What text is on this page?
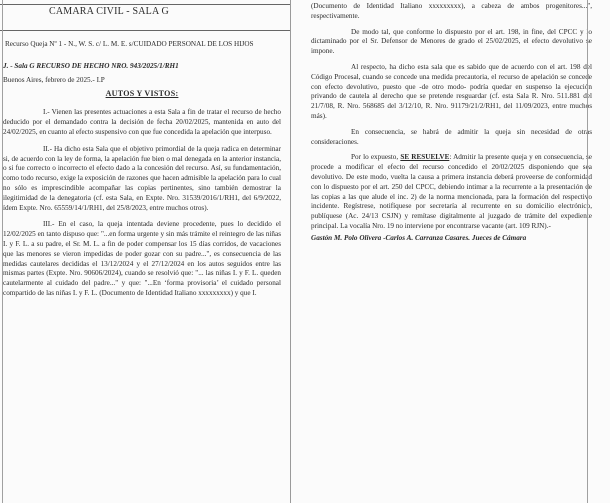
CAMARA CIVIL - SALA G

Recurso Queja Nº 1 - N., W. S. c/ L. M. E. s/CUIDADO PERSONAL DE LOS HIJOS

J. - Sala G RECURSO DE HECHO NRO. 943/2025/1/RH1

Buenos Aires, febrero de 2025.- I.P

AUTOS Y VISTOS:

I.- Vienen las presentes actuaciones a esta Sala a fin de tratar el recurso de hecho deducido por el demandado contra la decisión de fecha 20/02/2025, mantenida en auto del 24/02/2025, en cuanto al efecto suspensivo con que fue concedida la apelación que interpuso.

II.- Ha dicho esta Sala que el objetivo primordial de la queja radica en determinar si, de acuerdo con la ley de forma, la apelación fue bien o mal denegada en la anterior instancia, o si fue correcto o incorrecto el efecto dado a la concesión del recurso. Así, su fundamentación, como todo recurso, exige la exposición de razones que hacen admisible la apelación para lo cual no sólo es imprescindible acompañar las copias pertinentes, sino también demostrar la ilegitimidad de la denegatoria (cf. esta Sala, en Expte. Nro. 31539/2016/1/RH1, del 6/9/2022, ídem Expte. Nro. 65559/14/1/RH1, del 25/8/2023, entre muchos otros).

III.- En el caso, la queja intentada deviene procedente, pues lo decidido el 12/02/2025 en tanto dispuso que: "...en forma urgente y sin más trámite el reintegro de las niñas I. y F. L. a su padre, el Sr. M. L. a fin de poder compensar los 15 días corridos, de vacaciones que las menores se vieron impedidas de poder gozar con su padre...", es consecuencia de las medidas cautelares decididas el 13/12/2024 y el 27/12/2024 en los autos seguidos entre las mismas partes (Expte. Nro. 90606/2024), cuando se resolvió que: "... las niñas I. y F. L. queden cautelarmente al cuidado del padre..." y que: "...En ‘forma provisoria’ el cuidado personal compartido de las niñas I. y F. L. (Documento de Identidad Italiano xxxxxxxxx) y que I.

(Documento de Identidad Italiano xxxxxxxxx), a cabeza de ambos progenitores...", respectivamente.

De modo tal, que conforme lo dispuesto por el art. 198, in fine, del CPCC y lo dictaminado por el Sr. Defensor de Menores de grado el 25/02/2025, el efecto devolutivo se impone.

Al respecto, ha dicho esta sala que es sabido que de acuerdo con el art. 198 del Código Procesal, cuando se concede una medida precautoria, el recurso de apelación se concede con efecto devolutivo, puesto que -de otro modo- podría quedar en suspenso la ejecución privando de cautela al derecho que se pretende resguardar (cf. esta Sala R. Nro. 511.881 del 21/7/08, R. Nro. 568685 del 3/12/10, R. Nro. 91179/21/2/RH1, del 11/09/2023, entre muchos más).

En consecuencia, se habrá de admitir la queja sin necesidad de otras consideraciones.

Por lo expuesto, SE RESUELVE: Admitir la presente queja y en consecuencia, se procede a modificar el efecto del recurso concedido el 20/02/2025 disponiendo que sea devolutivo. De este modo, vuelta la causa a primera instancia deberá proveerse de conformidad con lo dispuesto por el art. 250 del CPCC, debiendo intimar a la recurrente a la presentación de las copias a las que alude el inc. 2) de la norma mencionada, para la formación del respectivo incidente. Regístrese, notifíquese por secretaría al recurrente en su domicilio electrónico, publíquese (Ac. 24/13 CSJN) y remítase digitalmente al juzgado de trámite del expediente principal. La vocalía Nro. 19 no interviene por encontrarse vacante (art. 109 RJN).-

Gastón M. Polo Olivera -Carlos A. Carranza Casares. Jueces de Cámara
